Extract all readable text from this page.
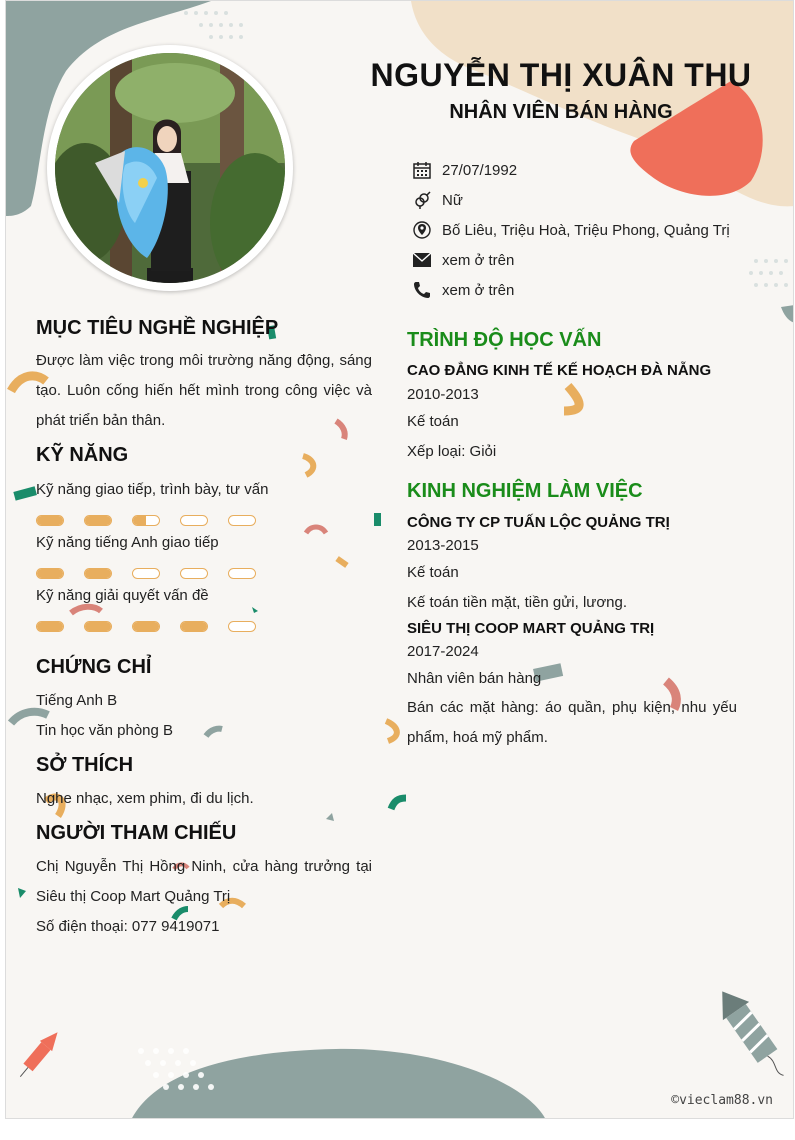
NGUYỄN THỊ XUÂN THU
NHÂN VIÊN BÁN HÀNG
27/07/1992
Nữ
Bố Liêu, Triệu Hoà, Triệu Phong, Quảng Trị
xem ở trên
xem ở trên
MỤC TIÊU NGHỀ NGHIỆP
Được làm việc trong môi trường năng động, sáng tạo. Luôn cống hiến hết mình trong công việc và phát triển bản thân.
KỸ NĂNG
Kỹ năng giao tiếp, trình bày, tư vấn
Kỹ năng tiếng Anh giao tiếp
Kỹ năng giải quyết vấn đề
CHỨNG CHỈ
Tiếng Anh B
Tin học văn phòng B
SỞ THÍCH
Nghe nhạc, xem phim, đi du lịch.
NGƯỜI THAM CHIẾU
Chị Nguyễn Thị Hồng Ninh, cửa hàng trưởng tại Siêu thị Coop Mart Quảng Trị
Số điện thoại: 077 9419071
TRÌNH ĐỘ HỌC VẤN
CAO ĐẲNG KINH TẾ KẾ HOẠCH ĐÀ NẴNG
2010-2013
Kế toán
Xếp loại: Giỏi
KINH NGHIỆM LÀM VIỆC
CÔNG TY CP TUẤN LỘC QUẢNG TRỊ
2013-2015
Kế toán
Kế toán tiền mặt, tiền gửi, lương.
SIÊU THỊ COOP MART QUẢNG TRỊ
2017-2024
Nhân viên bán hàng
Bán các mặt hàng: áo quần, phụ kiện, nhu yếu phẩm, hoá mỹ phẩm.
©vieclam88.vn
